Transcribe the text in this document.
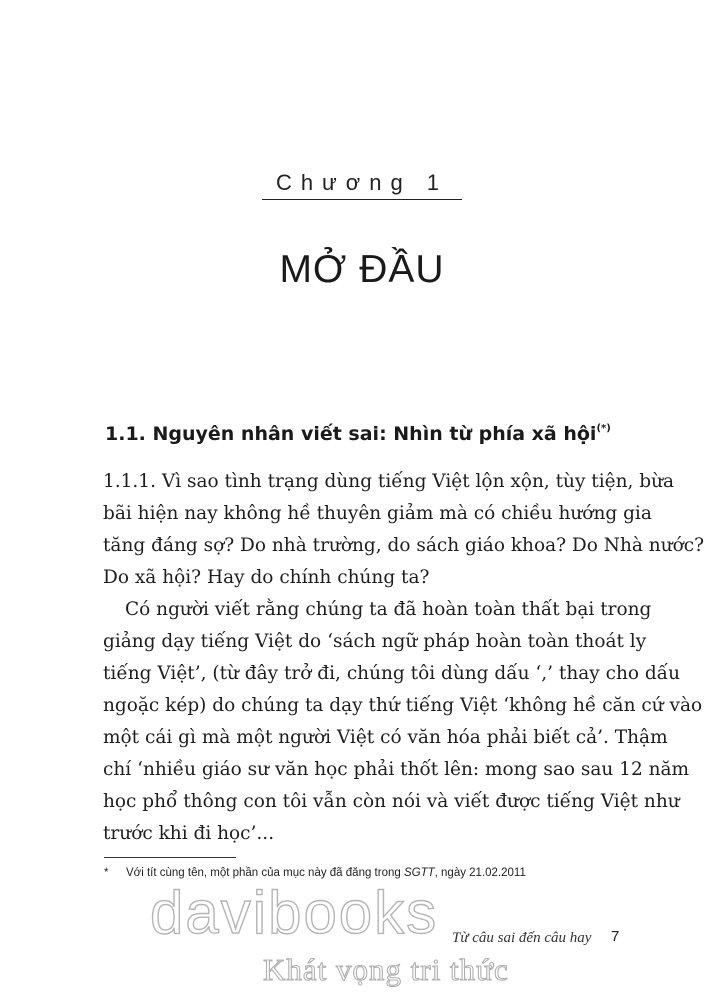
Chương 1
MỞ ĐẦU
1.1. Nguyên nhân viết sai: Nhìn từ phía xã hội(*)
1.1.1. Vì sao tình trạng dùng tiếng Việt lộn xộn, tùy tiện, bừa
bãi hiện nay không hề thuyên giảm mà có chiều hướng gia
tăng đáng sợ? Do nhà trường, do sách giáo khoa? Do Nhà nước?
Do xã hội? Hay do chính chúng ta?
Có người viết rằng chúng ta đã hoàn toàn thất bại trong
giảng dạy tiếng Việt do ‘sách ngữ pháp hoàn toàn thoát ly
tiếng Việt’, (từ đây trở đi, chúng tôi dùng dấu ‘,’ thay cho dấu
ngoặc kép) do chúng ta dạy thứ tiếng Việt ‘không hề căn cứ vào
một cái gì mà một người Việt có văn hóa phải biết cả’. Thậm
chí ‘nhiều giáo sư văn học phải thốt lên: mong sao sau 12 năm
học phổ thông con tôi vẫn còn nói và viết được tiếng Việt như
trước khi đi học’...
* Với tít cùng tên, một phần của mục này đã đăng trong SGTT, ngày 21.02.2011
davibooks Từ câu sai đến câu hay 7
Khát vọng tri thức
